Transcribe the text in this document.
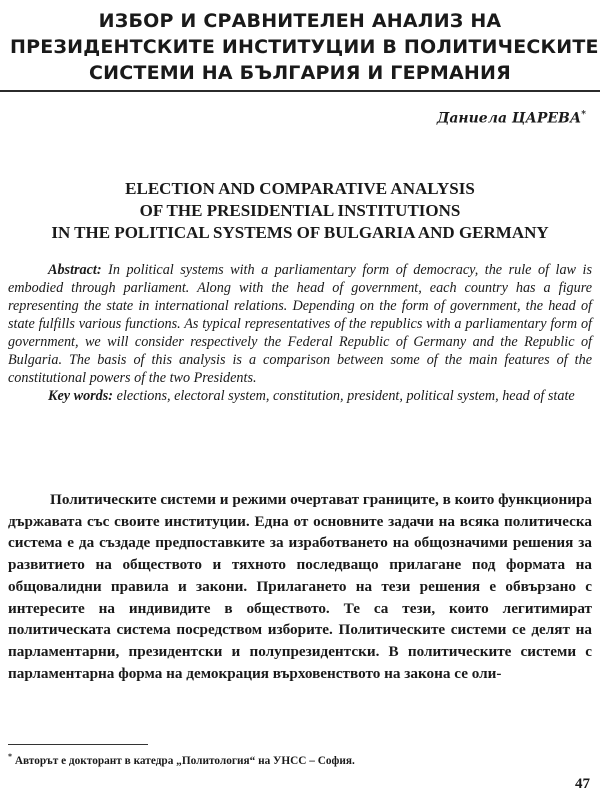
ИЗБОР И СРАВНИТЕЛЕН АНАЛИЗ НА
ПРЕЗИДЕНТСКИТЕ ИНСТИТУЦИИ В ПОЛИТИЧЕСКИТЕ
СИСТЕМИ НА БЪЛГАРИЯ И ГЕРМАНИЯ
Даниела ЦАРЕВА*
ELECTION AND COMPARATIVE ANALYSIS
OF THE PRESIDENTIAL INSTITUTIONS
IN THE POLITICAL SYSTEMS OF BULGARIA AND GERMANY

Abstract: In political systems with a parliamentary form of democracy, the rule of law is embodied through parliament. Along with the head of government, each country has a figure representing the state in international relations. Depending on the form of government, the head of state fulfills various functions. As typical representatives of the republics with a parliamentary form of government, we will consider respectively the Federal Republic of Germany and the Republic of Bulgaria. The basis of this analysis is a comparison between some of the main features of the constitutional powers of the two Presidents.

Key words: elections, electoral system, constitution, president, political system, head of state

Политическите системи и режими очертават границите, в които функционира държавата със своите институции. Една от основните задачи на всяка политическа система е да създаде предпоставките за изработването на общозначими решения за развитието на обществото и тяхното последващо прилагане под формата на общовалидни правила и закони. Прилагането на тези решения е обвързано с интересите на индивидите в обществото. Те са тези, които легитимират политическата система посредством изборите. Политическите системи се делят на парламентарни, президентски и полупрезидентски. В политическите системи с парламентарна форма на демокрация върховенството на закона се оли-

* Авторът е докторант в катедра „Политология“ на УНСС – София.
47
